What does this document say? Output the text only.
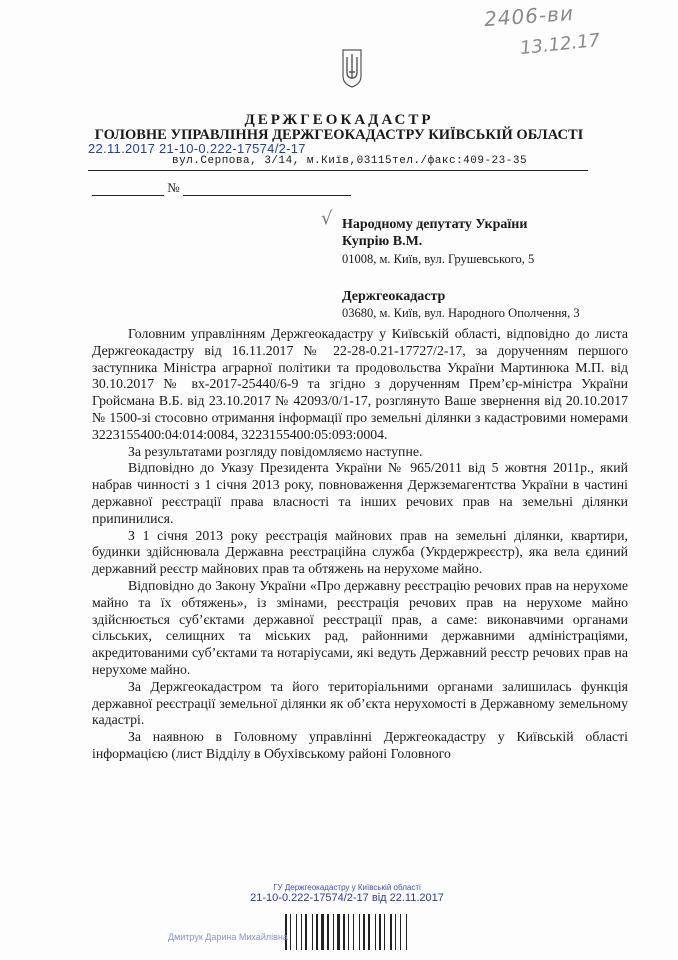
2406-ви
13.12.17
ДЕРЖГЕОКАДАСТР
ГОЛОВНЕ УПРАВЛІННЯ ДЕРЖГЕОКАДАСТРУ КИЇВСЬКІЙ ОБЛАСТІ
22.11.2017 21-10-0.222-17574/2-17
вул.Серпова, 3/14, м.Київ,03115тел./факс:409-23-35
№
√ Народному депутату України
Купрію В.М.
01008, м. Київ, вул. Грушевського, 5
Держгеокадастр
03680, м. Київ, вул. Народного Ополчення, 3

Головним управлінням Держгеокадастру у Київській області, відповідно до листа Держгеокадастру від 16.11.2017 № 22-28-0.21-17727/2-17, за дорученням першого заступника Міністра аграрної політики та продовольства України Мартинюка М.П. від 30.10.2017 № вх-2017-25440/6-9 та згідно з дорученням Прем’єр-міністра України Гройсмана В.Б. від 23.10.2017 № 42093/0/1-17, розглянуто Ваше звернення від 20.10.2017 № 1500-зі стосовно отримання інформації про земельні ділянки з кадастровими номерами 3223155400:04:014:0084, 3223155400:05:093:0004.

За результатами розгляду повідомляємо наступне.

Відповідно до Указу Президента України № 965/2011 від 5 жовтня 2011р., який набрав чинності з 1 січня 2013 року, повноваження Держземагентства України в частині державної реєстрації права власності та інших речових прав на земельні ділянки припинилися.

З 1 січня 2013 року реєстрація майнових прав на земельні ділянки, квартири, будинки здійснювала Державна реєстраційна служба (Укрдержреєстр), яка вела єдиний державний реєстр майнових прав та обтяжень на нерухоме майно.

Відповідно до Закону України «Про державну реєстрацію речових прав на нерухоме майно та їх обтяжень», із змінами, реєстрація речових прав на нерухоме майно здійснюється суб’єктами державної реєстрації прав, а саме: виконавчими органами сільських, селищних та міських рад, районними державними адміністраціями, акредитованими суб’єктами та нотаріусами, які ведуть Державний реєстр речових прав на нерухоме майно.

За Держгеокадастром та його територіальними органами залишилась функція державної реєстрації земельної ділянки як об’єкта нерухомості в Державному земельному кадастрі.

За наявною в Головному управлінні Держгеокадастру у Київській області інформацією (лист Відділу в Обухівському районі Головного

ГУ Держгеокадастру у Київській області
21-10-0.222-17574/2-17 від 22.11.2017
Дмитрук Дарина Михайлівна
